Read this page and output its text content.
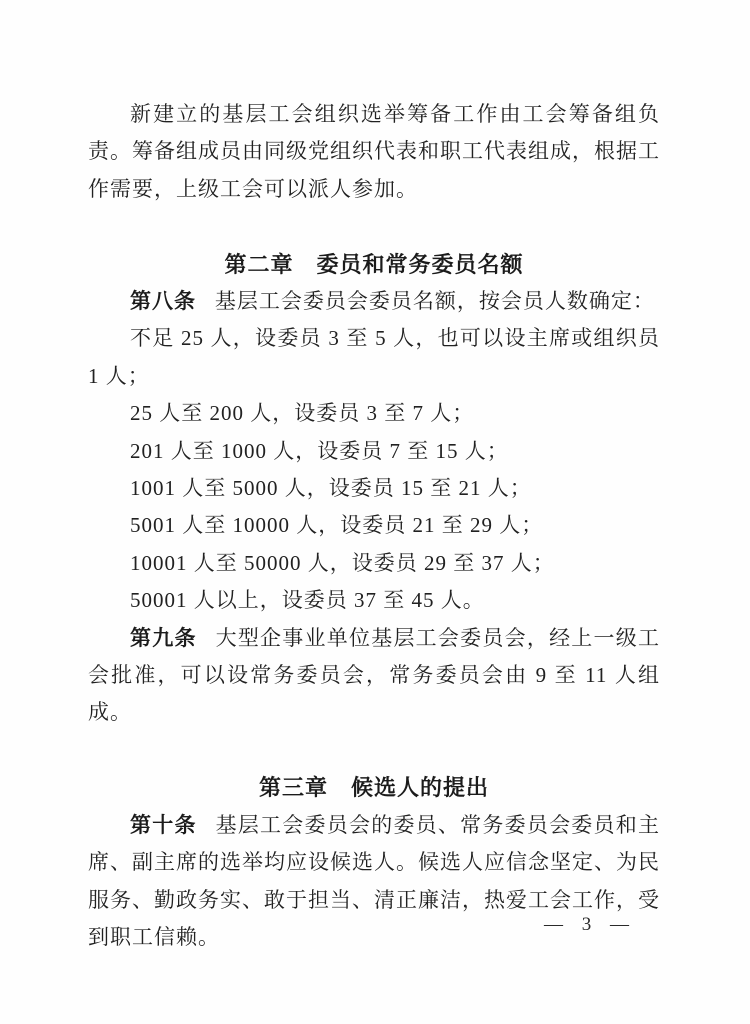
新建立的基层工会组织选举筹备工作由工会筹备组负责。筹备组成员由同级党组织代表和职工代表组成，根据工作需要，上级工会可以派人参加。

第二章　委员和常务委员名额

第八条 基层工会委员会委员名额，按会员人数确定：

不足 25 人，设委员 3 至 5 人，也可以设主席或组织员 1 人；

25 人至 200 人，设委员 3 至 7 人；

201 人至 1000 人，设委员 7 至 15 人；

1001 人至 5000 人，设委员 15 至 21 人；

5001 人至 10000 人，设委员 21 至 29 人；

10001 人至 50000 人，设委员 29 至 37 人；

50001 人以上，设委员 37 至 45 人。

第九条 大型企事业单位基层工会委员会，经上一级工会批准，可以设常务委员会，常务委员会由 9 至 11 人组成。

第三章　候选人的提出

第十条 基层工会委员会的委员、常务委员会委员和主席、副主席的选举均应设候选人。候选人应信念坚定、为民服务、勤政务实、敢于担当、清正廉洁，热爱工会工作，受到职工信赖。

— 3 —
